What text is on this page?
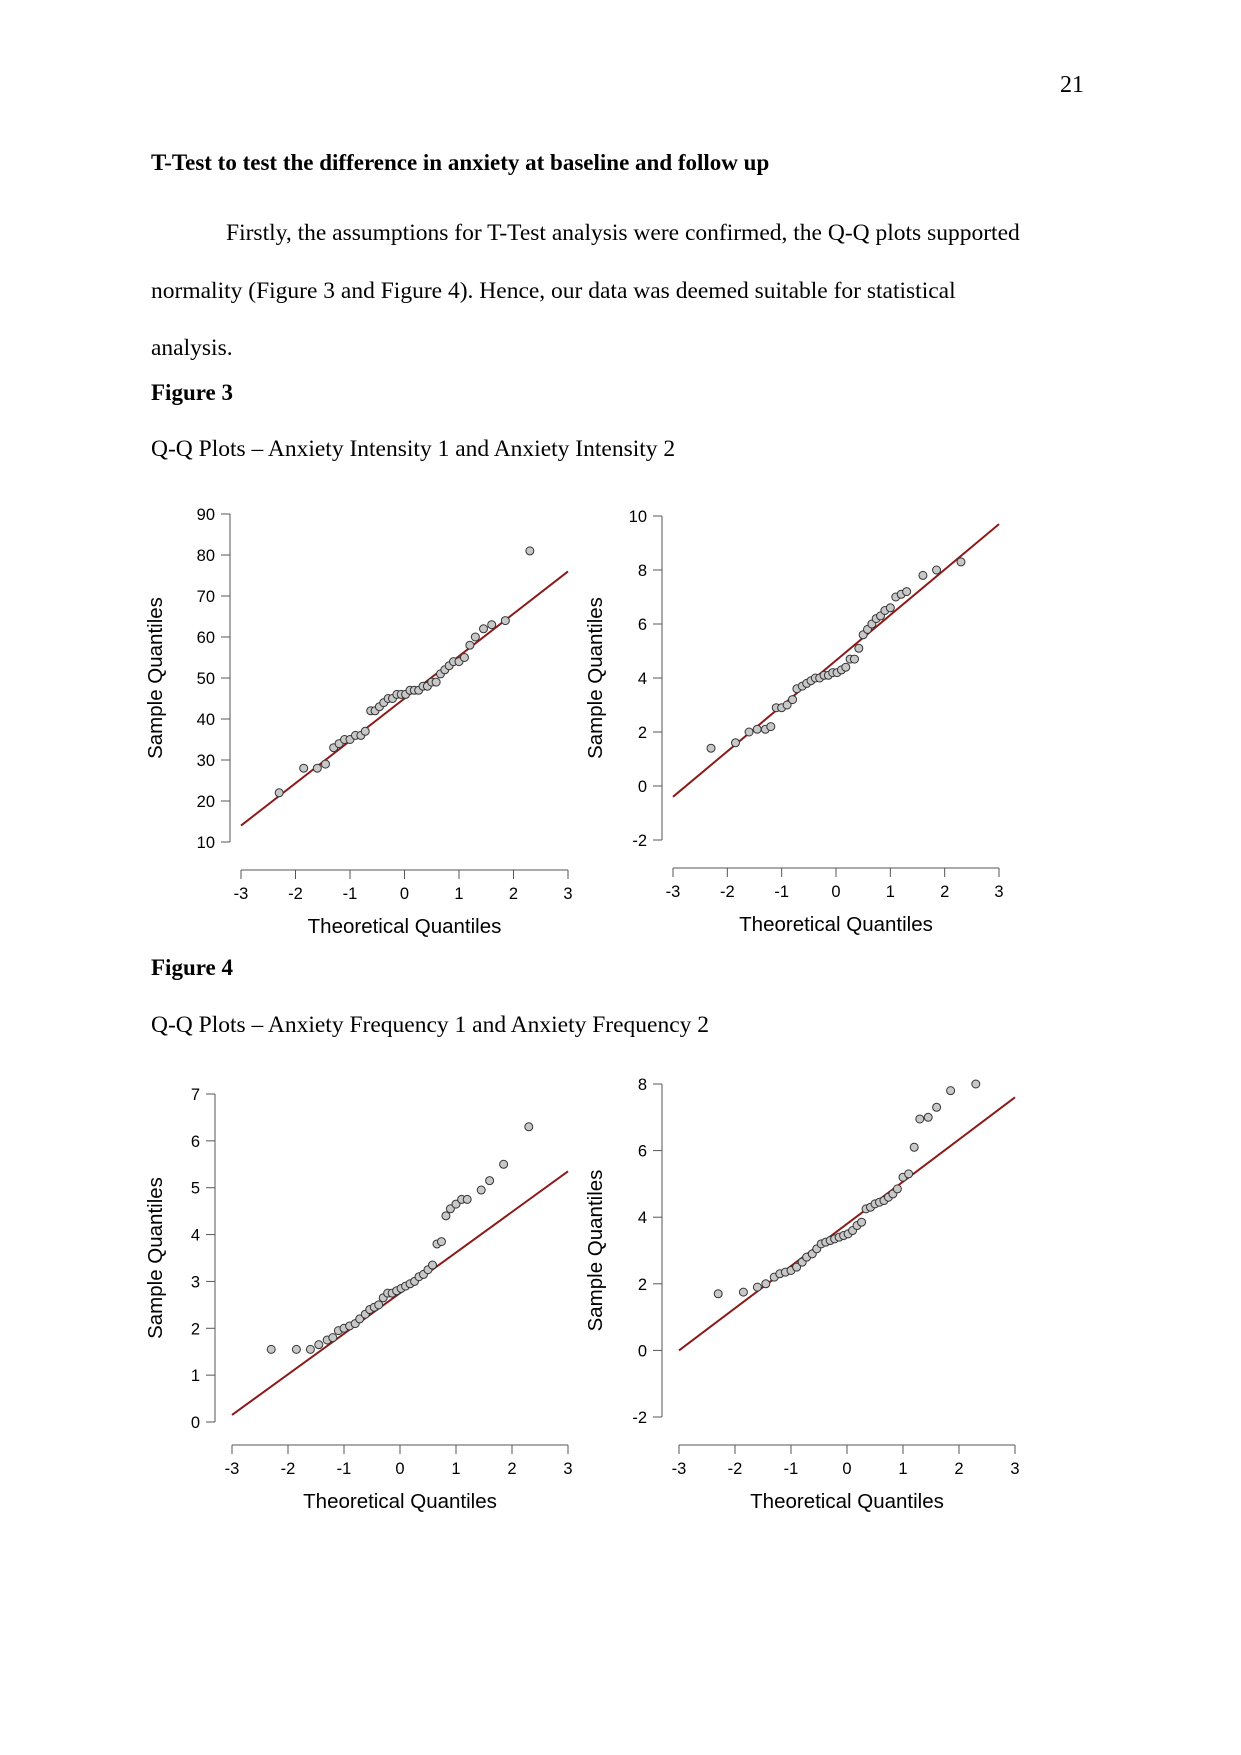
21
T-Test to test the difference in anxiety at baseline and follow up
Firstly, the assumptions for T-Test analysis were confirmed, the Q-Q plots supported
normality (Figure 3 and Figure 4). Hence, our data was deemed suitable for statistical
analysis.
Figure 3
Q-Q Plots – Anxiety Intensity 1 and Anxiety Intensity 2
10
20
30
40
50
60
70
80
90
-3 -2 -1	0	1	2	3
Theoretical Quantiles
Sample Quantiles
-2
0
2
4
6
8
10
-3 -2 -1	0	1	2	3
Theoretical Quantiles
Sample Quantiles
Figure 4
Q-Q Plots – Anxiety Frequency 1 and Anxiety Frequency 2
0
1
2
3
4
5
6
7
-3	-2	-1	0	1	2	3
Theoretical Quantiles
Sample Quantiles
-2
0
2
4
6
8
-3	-2	-1	0	1	2	3
Theoretical Quantiles
Sample Quantiles
